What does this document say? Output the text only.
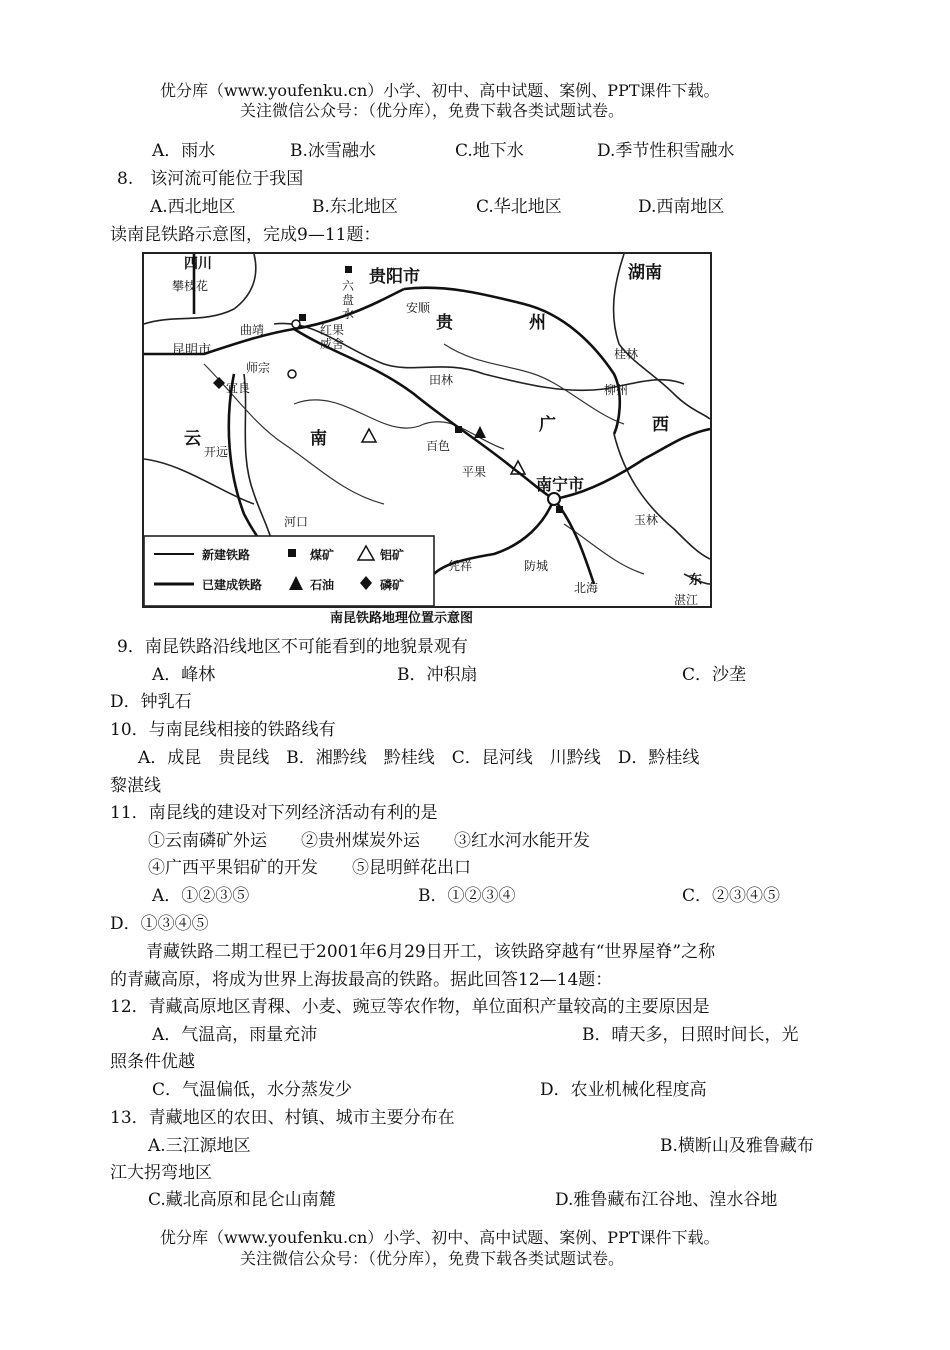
优分库（www.youfenku.cn）小学、初中、高中试题、案例、PPT课件下载。
关注微信公众号：（优分库），免费下载各类试题试卷。
A．雨水	B.冰雪融水	C.地下水	D.季节性积雪融水
8.　该河流可能位于我国
A.西北地区	B.东北地区	C.华北地区	D.西南地区
读南昆铁路示意图，完成9—11题：
四川
攀枝花	贵阳市	湖南
六
盘
水	安顺
贵	州
曲靖	红果
威舍
昆明市
师宗
桂林
宜良	柳州
田林
云	南
广	西
百色
开远
平果
南宁市
河口	玉林
凭祥	防城
北海	东
湛江
新建铁路
已建成铁路
煤矿
石油
铝矿
磷矿
南昆铁路地理位置示意图
9．南昆铁路沿线地区不可能看到的地貌景观有
A．峰林	B．冲积扇	C．沙垄
D．钟乳石
10．与南昆线相接的铁路线有
A．成昆　贵昆线　B．湘黔线　黔桂线　C．昆河线　川黔线　D．黔桂线
黎湛线
11．南昆线的建设对下列经济活动有利的是
①云南磷矿外运　　②贵州煤炭外运　　③红水河水能开发
④广西平果铝矿的开发　　⑤昆明鲜花出口
A．①②③⑤	B．①②③④	C．②③④⑤
D．①③④⑤
青藏铁路二期工程已于2001年6月29日开工，该铁路穿越有“世界屋脊”之称
的青藏高原，将成为世界上海拔最高的铁路。据此回答12—14题：
12．青藏高原地区青稞、小麦、豌豆等农作物，单位面积产量较高的主要原因是
A．气温高，雨量充沛	B．晴天多，日照时间长，光
照条件优越
C．气温偏低，水分蒸发少	D．农业机械化程度高
13．青藏地区的农田、村镇、城市主要分布在
A.三江源地区	B.横断山及雅鲁藏布
江大拐弯地区
C.藏北高原和昆仑山南麓	D.雅鲁藏布江谷地、湟水谷地
优分库（www.youfenku.cn）小学、初中、高中试题、案例、PPT课件下载。
关注微信公众号：（优分库），免费下载各类试题试卷。
